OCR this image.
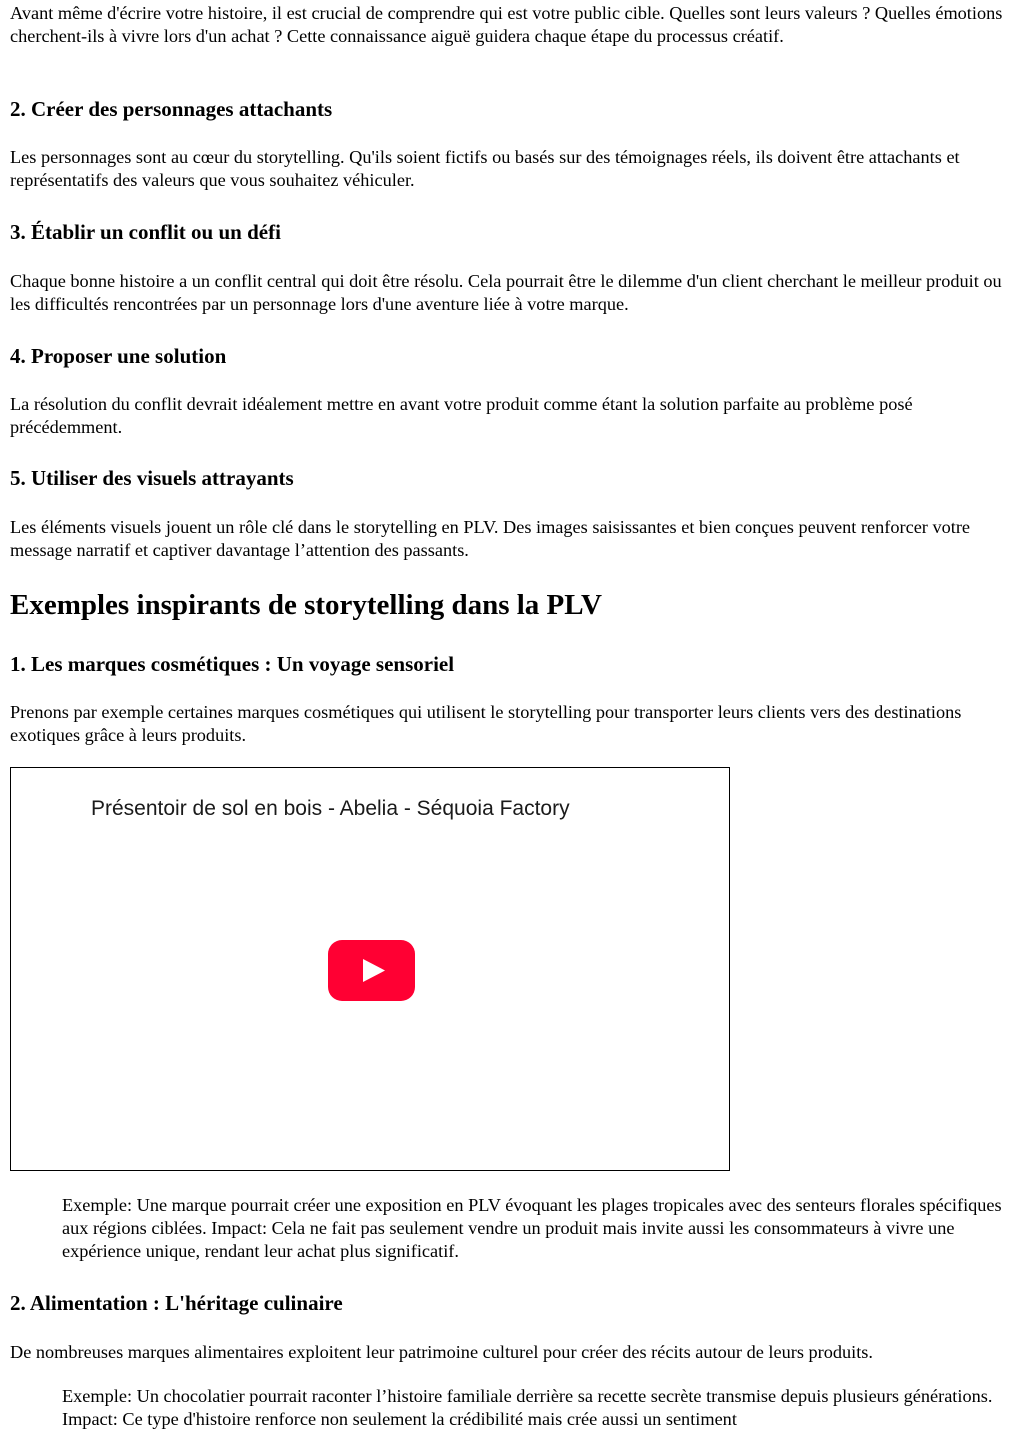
Avant même d'écrire votre histoire, il est crucial de comprendre qui est votre public cible. Quelles sont leurs valeurs ? Quelles émotions cherchent-ils à vivre lors d'un achat ? Cette connaissance aiguë guidera chaque étape du processus créatif.

2. Créer des personnages attachants

Les personnages sont au cœur du storytelling. Qu'ils soient fictifs ou basés sur des témoignages réels, ils doivent être attachants et représentatifs des valeurs que vous souhaitez véhiculer.

3. Établir un conflit ou un défi

Chaque bonne histoire a un conflit central qui doit être résolu. Cela pourrait être le dilemme d'un client cherchant le meilleur produit ou les difficultés rencontrées par un personnage lors d'une aventure liée à votre marque.

4. Proposer une solution

La résolution du conflit devrait idéalement mettre en avant votre produit comme étant la solution parfaite au problème posé précédemment.

5. Utiliser des visuels attrayants

Les éléments visuels jouent un rôle clé dans le storytelling en PLV. Des images saisissantes et bien conçues peuvent renforcer votre message narratif et captiver davantage l’attention des passants.

Exemples inspirants de storytelling dans la PLV
1. Les marques cosmétiques : Un voyage sensoriel

Prenons par exemple certaines marques cosmétiques qui utilisent le storytelling pour transporter leurs clients vers des destinations exotiques grâce à leurs produits.

Présentoir de sol en bois - Abelia - Séquoia Factory

Exemple: Une marque pourrait créer une exposition en PLV évoquant les plages tropicales avec des senteurs florales spécifiques aux régions ciblées. Impact: Cela ne fait pas seulement vendre un produit mais invite aussi les consommateurs à vivre une expérience unique, rendant leur achat plus significatif.

2. Alimentation : L'héritage culinaire

De nombreuses marques alimentaires exploitent leur patrimoine culturel pour créer des récits autour de leurs produits.

Exemple: Un chocolatier pourrait raconter l’histoire familiale derrière sa recette secrète transmise depuis plusieurs générations. Impact: Ce type d'histoire renforce non seulement la crédibilité mais crée aussi un sentiment
